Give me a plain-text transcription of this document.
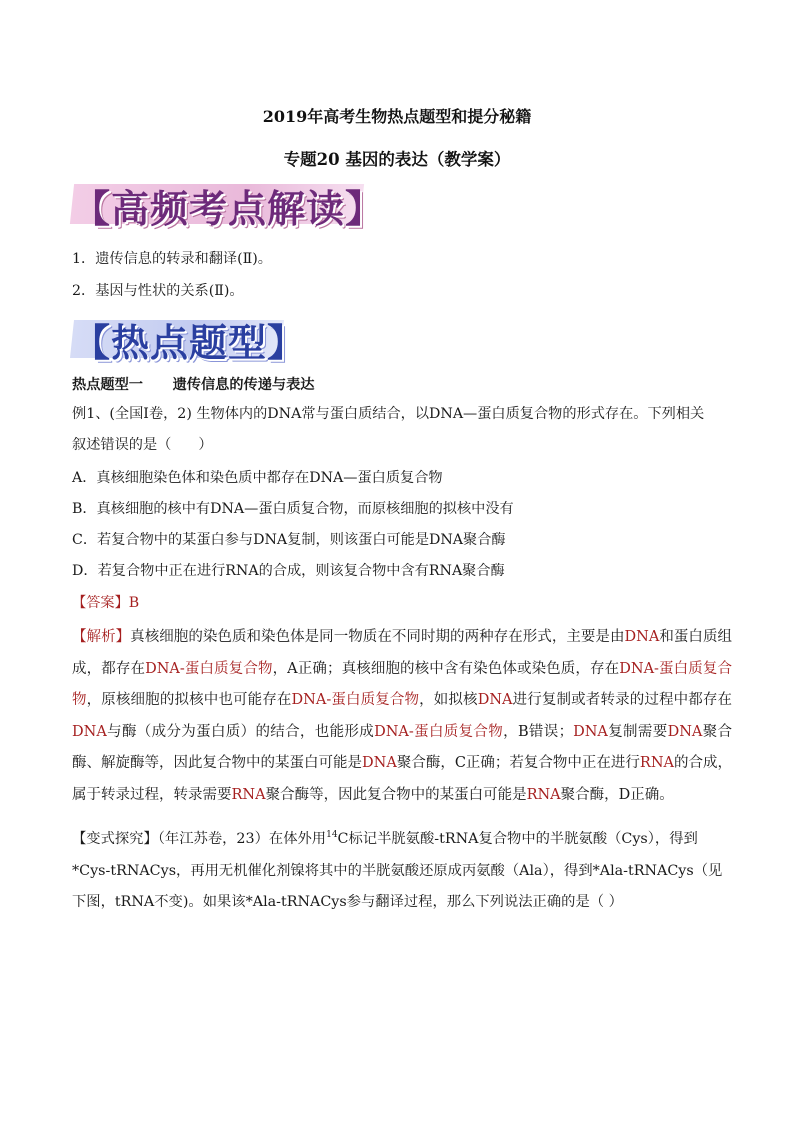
2019年高考生物热点题型和提分秘籍
专题20 基因的表达（教学案）
【高频考点解读】
1．遗传信息的转录和翻译(Ⅱ)。
2．基因与性状的关系(Ⅱ)。
【热点题型】
热点题型一      遗传信息的传递与表达
例1、(全国Ⅰ卷，2) 生物体内的DNA常与蛋白质结合，以DNA—蛋白质复合物的形式存在。下列相关
叙述错误的是（      ）
A．真核细胞染色体和染色质中都存在DNA—蛋白质复合物
B．真核细胞的核中有DNA—蛋白质复合物，而原核细胞的拟核中没有
C．若复合物中的某蛋白参与DNA复制，则该蛋白可能是DNA聚合酶
D．若复合物中正在进行RNA的合成，则该复合物中含有RNA聚合酶
【答案】B
【解析】真核细胞的染色质和染色体是同一物质在不同时期的两种存在形式，主要是由DNA和蛋白质组成，都存在DNA-蛋白质复合物，A正确；真核细胞的核中含有染色体或染色质，存在DNA-蛋白质复合物，原核细胞的拟核中也可能存在DNA-蛋白质复合物，如拟核DNA进行复制或者转录的过程中都存在DNA与酶（成分为蛋白质）的结合，也能形成DNA-蛋白质复合物，B错误；DNA复制需要DNA聚合酶、解旋酶等，因此复合物中的某蛋白可能是DNA聚合酶，C正确；若复合物中正在进行RNA的合成，属于转录过程，转录需要RNA聚合酶等，因此复合物中的某蛋白可能是RNA聚合酶，D正确。
【变式探究】（年江苏卷，23）在体外用$^{14}$C标记半胱氨酸-tRNA复合物中的半胱氨酸（Cys），得到*Cys-tRNACys，再用无机催化剂镍将其中的半胱氨酸还原成丙氨酸（Ala），得到*Ala-tRNACys（见下图，tRNA不变)。如果该*Ala-tRNACys参与翻译过程，那么下列说法正确的是（ ）
